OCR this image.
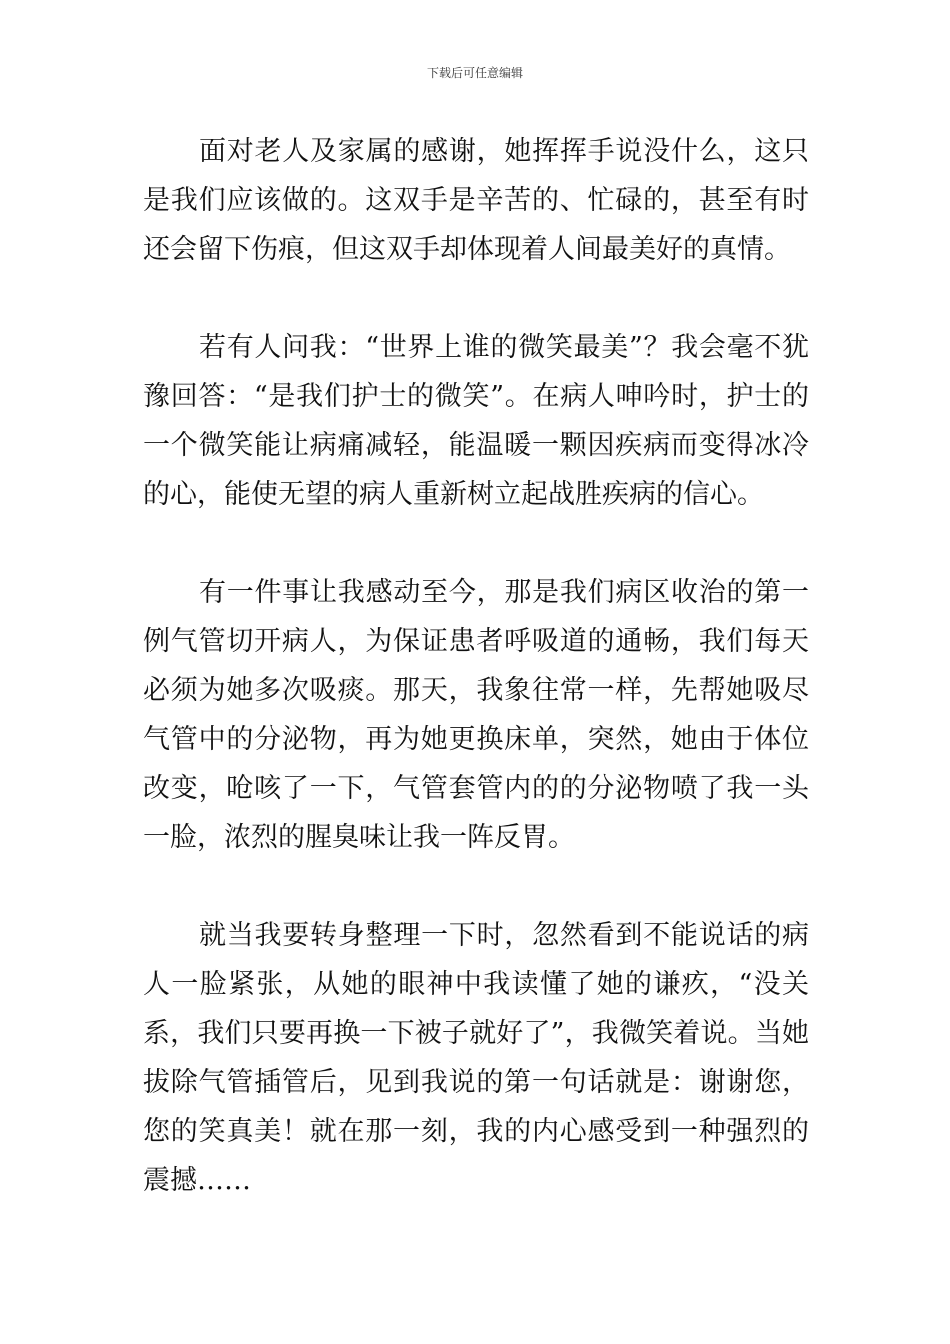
下载后可任意编辑

面对老人及家属的感谢，她挥挥手说没什么，这只是我们应该做的。这双手是辛苦的、忙碌的，甚至有时还会留下伤痕，但这双手却体现着人间最美好的真情。

若有人问我：“世界上谁的微笑最美”？我会毫不犹豫回答：“是我们护士的微笑”。在病人呻吟时，护士的一个微笑能让病痛减轻，能温暖一颗因疾病而变得冰冷的心，能使无望的病人重新树立起战胜疾病的信心。

有一件事让我感动至今，那是我们病区收治的第一例气管切开病人，为保证患者呼吸道的通畅，我们每天必须为她多次吸痰。那天，我象往常一样，先帮她吸尽气管中的分泌物，再为她更换床单，突然，她由于体位改变，呛咳了一下，气管套管内的的分泌物喷了我一头一脸，浓烈的腥臭味让我一阵反胃。

就当我要转身整理一下时，忽然看到不能说话的病人一脸紧张，从她的眼神中我读懂了她的谦疚，“没关系，我们只要再换一下被子就好了”，我微笑着说。当她拔除气管插管后，见到我说的第一句话就是：谢谢您，您的笑真美！就在那一刻，我的内心感受到一种强烈的震撼……
